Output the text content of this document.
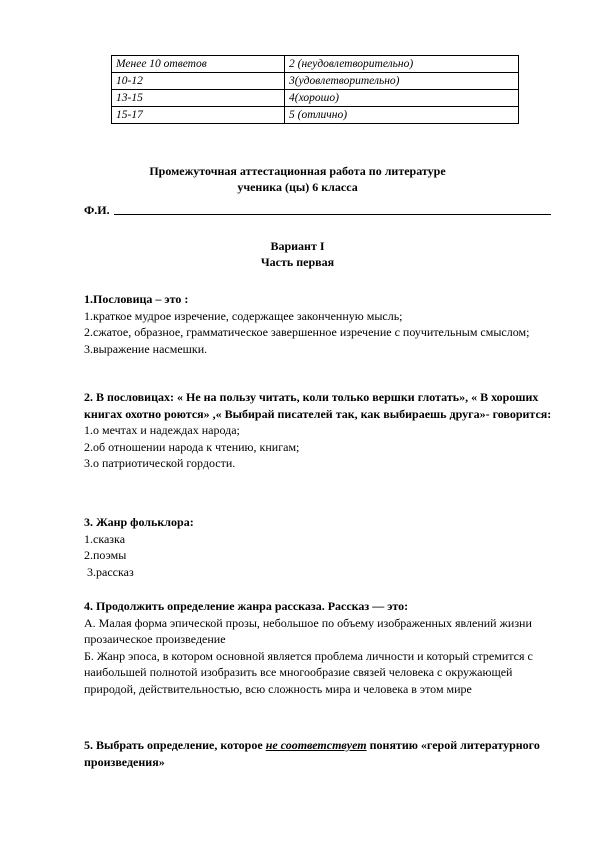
Менее 10 ответов	2 (неудовлетворительно)
10-12	3(удовлетворительно)
13-15	4(хорошо)
15-17	5 (отлично)
Промежуточная аттестационная работа по литературе
ученика (цы) 6 класса
Ф.И.
Вариант I
Часть первая

1.Пословица – это :

1.краткое мудрое изречение, содержащее законченную мысль;

2.сжатое, образное, грамматическое завершенное изречение с поучительным смыслом;

3.выражение насмешки.

2. В пословицах: « Не на пользу читать, коли только вершки глотать», « В хороших книгах охотно роются» ,« Выбирай писателей так, как выбираешь друга»- говорится:

1.о мечтах и надеждах народа;

2.об отношении народа к чтению, книгам;

3.о патриотической гордости.

3. Жанр фольклора:

1.сказка

2.поэмы

3.рассказ

4. Продолжить определение жанра рассказа. Рассказ — это:

А. Малая форма эпической прозы, небольшое по объему изображенных явлений жизни прозаическое произведение

Б. Жанр эпоса, в котором основной является проблема личности и который стремится с наибольшей полнотой изобразить все многообразие связей человека с окружающей природой, действительностью, всю сложность мира и человека в этом мире

5. Выбрать определение, которое не соответствует понятию «герой литературного произведения»
